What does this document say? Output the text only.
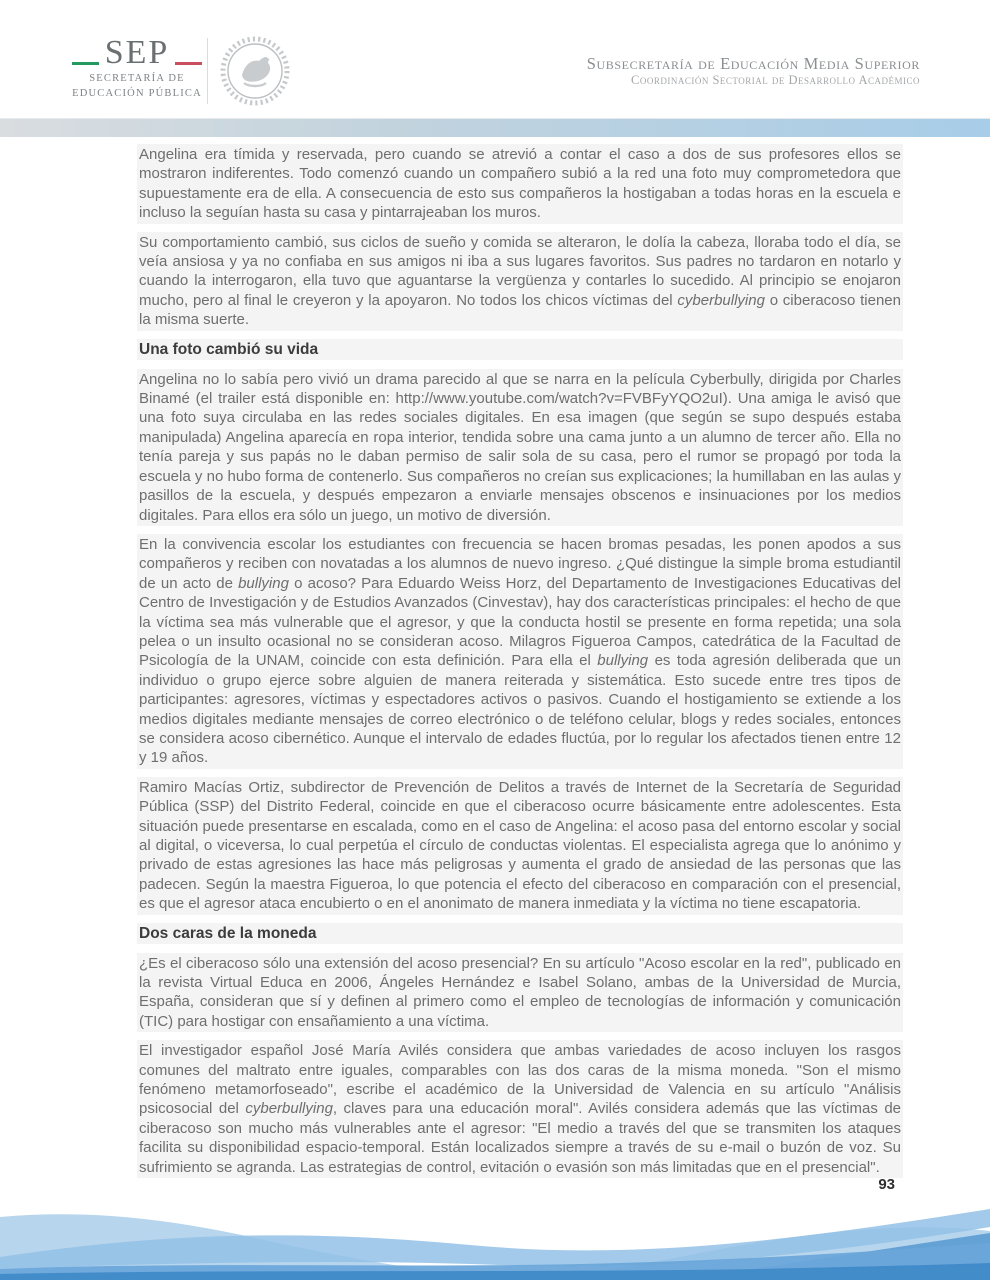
SEP
SECRETARÍA DE
EDUCACIÓN PÚBLICA
Subsecretaría de Educación Media Superior
Coordinación Sectorial de Desarrollo Académico

Angelina era tímida y reservada, pero cuando se atrevió a contar el caso a dos de sus profesores ellos se mostraron indiferentes. Todo comenzó cuando un compañero subió a la red una foto muy comprometedora que supuestamente era de ella. A consecuencia de esto sus compañeros la hostigaban a todas horas en la escuela e incluso la seguían hasta su casa y pintarrajeaban los muros.

Su comportamiento cambió, sus ciclos de sueño y comida se alteraron, le dolía la cabeza, lloraba todo el día, se veía ansiosa y ya no confiaba en sus amigos ni iba a sus lugares favoritos. Sus padres no tardaron en notarlo y cuando la interrogaron, ella tuvo que aguantarse la vergüenza y contarles lo sucedido. Al principio se enojaron mucho, pero al final le creyeron y la apoyaron. No todos los chicos víctimas del cyberbullying o ciberacoso tienen la misma suerte.

Una foto cambió su vida

Angelina no lo sabía pero vivió un drama parecido al que se narra en la película Cyberbully, dirigida por Charles Binamé (el trailer está disponible en: http://www.youtube.com/watch?v=FVBFyYQO2uI). Una amiga le avisó que una foto suya circulaba en las redes sociales digitales. En esa imagen (que según se supo después estaba manipulada) Angelina aparecía en ropa interior, tendida sobre una cama junto a un alumno de tercer año. Ella no tenía pareja y sus papás no le daban permiso de salir sola de su casa, pero el rumor se propagó por toda la escuela y no hubo forma de contenerlo. Sus compañeros no creían sus explicaciones; la humillaban en las aulas y pasillos de la escuela, y después empezaron a enviarle mensajes obscenos e insinuaciones por los medios digitales. Para ellos era sólo un juego, un motivo de diversión.

En la convivencia escolar los estudiantes con frecuencia se hacen bromas pesadas, les ponen apodos a sus compañeros y reciben con novatadas a los alumnos de nuevo ingreso. ¿Qué distingue la simple broma estudiantil de un acto de bullying o acoso? Para Eduardo Weiss Horz, del Departamento de Investigaciones Educativas del Centro de Investigación y de Estudios Avanzados (Cinvestav), hay dos características principales: el hecho de que la víctima sea más vulnerable que el agresor, y que la conducta hostil se presente en forma repetida; una sola pelea o un insulto ocasional no se consideran acoso. Milagros Figueroa Campos, catedrática de la Facultad de Psicología de la UNAM, coincide con esta definición. Para ella el bullying es toda agresión deliberada que un individuo o grupo ejerce sobre alguien de manera reiterada y sistemática. Esto sucede entre tres tipos de participantes: agresores, víctimas y espectadores activos o pasivos. Cuando el hostigamiento se extiende a los medios digitales mediante mensajes de correo electrónico o de teléfono celular, blogs y redes sociales, entonces se considera acoso cibernético. Aunque el intervalo de edades fluctúa, por lo regular los afectados tienen entre 12 y 19 años.

Ramiro Macías Ortiz, subdirector de Prevención de Delitos a través de Internet de la Secretaría de Seguridad Pública (SSP) del Distrito Federal, coincide en que el ciberacoso ocurre básicamente entre adolescentes. Esta situación puede presentarse en escalada, como en el caso de Angelina: el acoso pasa del entorno escolar y social al digital, o viceversa, lo cual perpetúa el círculo de conductas violentas. El especialista agrega que lo anónimo y privado de estas agresiones las hace más peligrosas y aumenta el grado de ansiedad de las personas que las padecen. Según la maestra Figueroa, lo que potencia el efecto del ciberacoso en comparación con el presencial, es que el agresor ataca encubierto o en el anonimato de manera inmediata y la víctima no tiene escapatoria.

Dos caras de la moneda

¿Es el ciberacoso sólo una extensión del acoso presencial? En su artículo "Acoso escolar en la red", publicado en la revista Virtual Educa en 2006, Ángeles Hernández e Isabel Solano, ambas de la Universidad de Murcia, España, consideran que sí y definen al primero como el empleo de tecnologías de información y comunicación (TIC) para hostigar con ensañamiento a una víctima.

El investigador español José María Avilés considera que ambas variedades de acoso incluyen los rasgos comunes del maltrato entre iguales, comparables con las dos caras de la misma moneda. "Son el mismo fenómeno metamorfoseado", escribe el académico de la Universidad de Valencia en su artículo "Análisis psicosocial del cyberbullying, claves para una educación moral". Avilés considera además que las víctimas de ciberacoso son mucho más vulnerables ante el agresor: "El medio a través del que se transmiten los ataques facilita su disponibilidad espacio-temporal. Están localizados siempre a través de su e-mail o buzón de voz. Su sufrimiento se agranda. Las estrategias de control, evitación o evasión son más limitadas que en el presencial".

93
